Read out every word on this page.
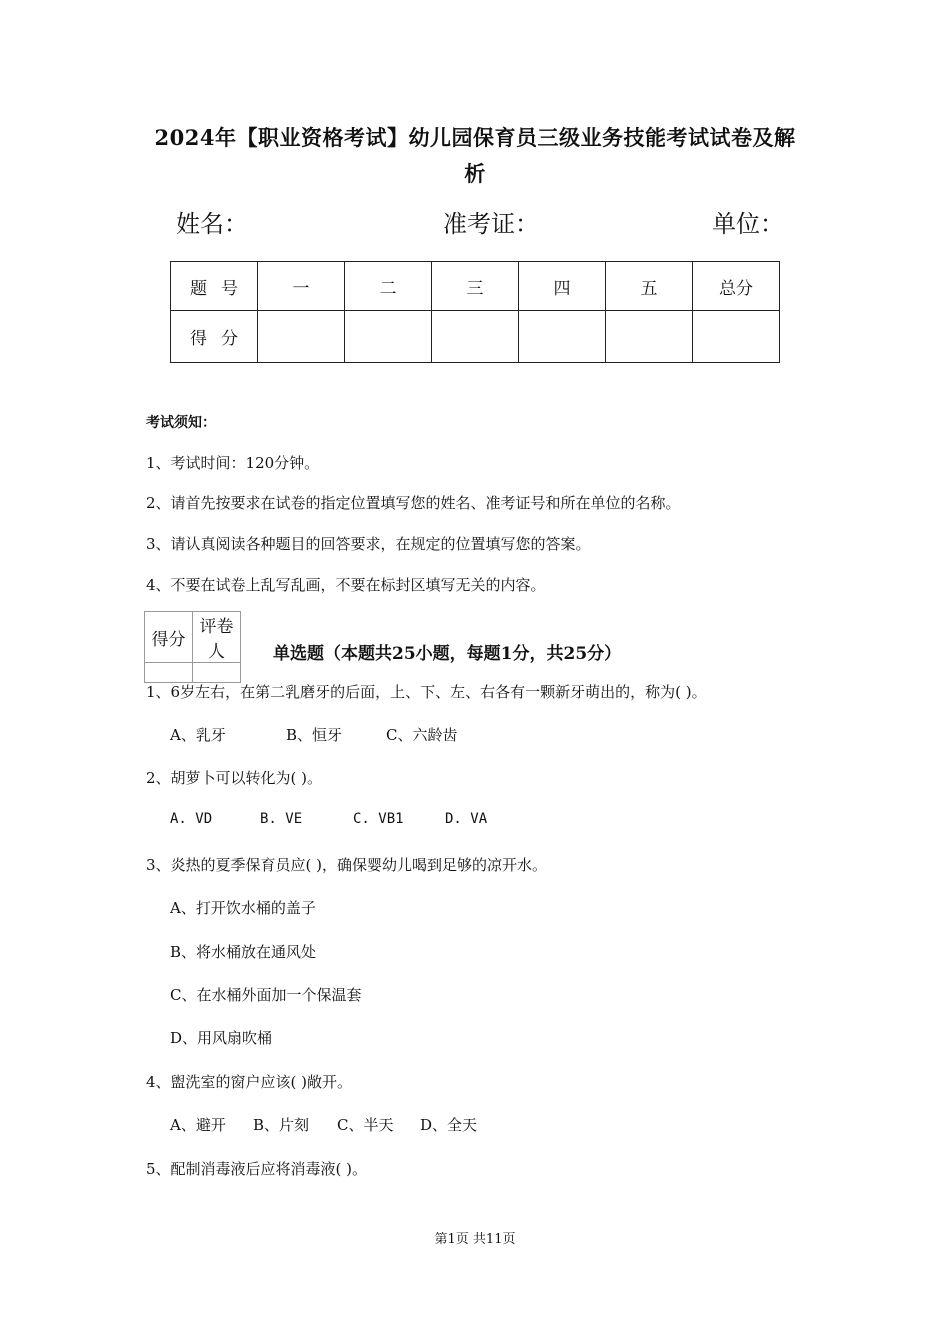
2024年【职业资格考试】幼儿园保育员三级业务技能考试试卷及解
析
姓名：	准考证：	单位：
题号	一	二	三	四	五	总分
得分						
考试须知：
1、考试时间：120分钟。
2、请首先按要求在试卷的指定位置填写您的姓名、准考证号和所在单位的名称。
3、请认真阅读各种题目的回答要求，在规定的位置填写您的答案。
4、不要在试卷上乱写乱画，不要在标封区填写无关的内容。
得分	评卷人
		单选题（本题共25小题，每题1分，共25分）
1、6岁左右，在第二乳磨牙的后面，上、下、左、右各有一颗新牙萌出的，称为( )。
A、乳牙	B、恒牙	C、六龄齿
2、胡萝卜可以转化为( )。
A. VD	B. VE	C. VB1	D. VA
3、炎热的夏季保育员应( )，确保婴幼儿喝到足够的凉开水。
A、打开饮水桶的盖子
B、将水桶放在通风处
C、在水桶外面加一个保温套
D、用风扇吹桶
4、盥洗室的窗户应该( )敞开。
A、避开 B、片刻 C、半天 D、全天
5、配制消毒液后应将消毒液( )。
第1页 共11页
